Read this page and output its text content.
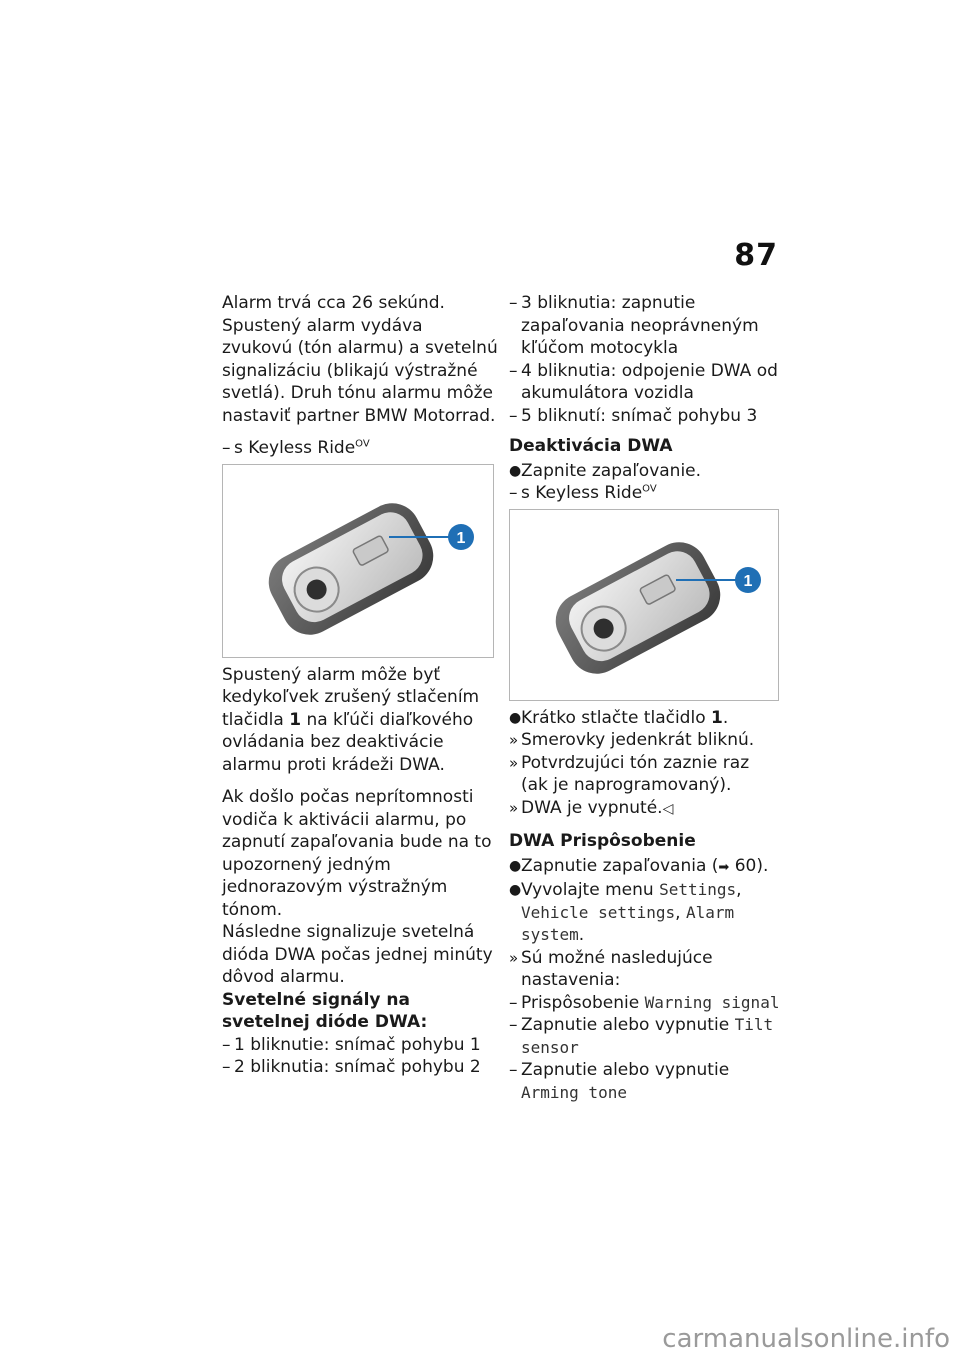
87

Alarm trvá cca 26 sekúnd. Spustený alarm vydáva zvukovú (tón alarmu) a svetelnú signalizáciu (blikajú výstražné svetlá). Druh tónu alarmu môže nastaviť partner BMW Motorrad.

– s Keyless Ride$^{OV}$
1

Spustený alarm môže byť kedykoľvek zrušený stlačením tlačidla 1 na kľúči diaľkového ovládania bez deaktivácie alarmu proti krádeži DWA.

Ak došlo počas neprítomnosti vodiča k aktivácii alarmu, po zapnutí zapaľovania bude na to upozornený jedným jednorazovým výstražným tónom.

Následne signalizuje svetelná dióda DWA počas jednej minúty dôvod alarmu.

Svetelné signály na svetelnej dióde DWA:

– 1 bliknutie: snímač pohybu 1
– 2 bliknutia: snímač pohybu 2
– 3 bliknutia: zapnutie zapaľovania neoprávneným kľúčom motocykla
– 4 bliknutia: odpojenie DWA od akumulátora vozidla
– 5 bliknutí: snímač pohybu 3

Deaktivácia DWA

● Zapnite zapaľovanie.
– s Keyless Ride$^{OV}$
1
● Krátko stlačte tlačidlo 1.
» Smerovky jedenkrát bliknú.
» Potvrdzujúci tón zaznie raz (ak je naprogramovaný).
» DWA je vypnuté.◁

DWA Prispôsobenie

● Zapnutie zapaľovania (➡ 60).
● Vyvolajte menu Settings, Vehicle settings, Alarm system.
» Sú možné nasledujúce nastavenia:
– Prispôsobenie Warning signal
– Zapnutie alebo vypnutie Tilt sensor
– Zapnutie alebo vypnutie Arming tone
carmanualsonline.info
